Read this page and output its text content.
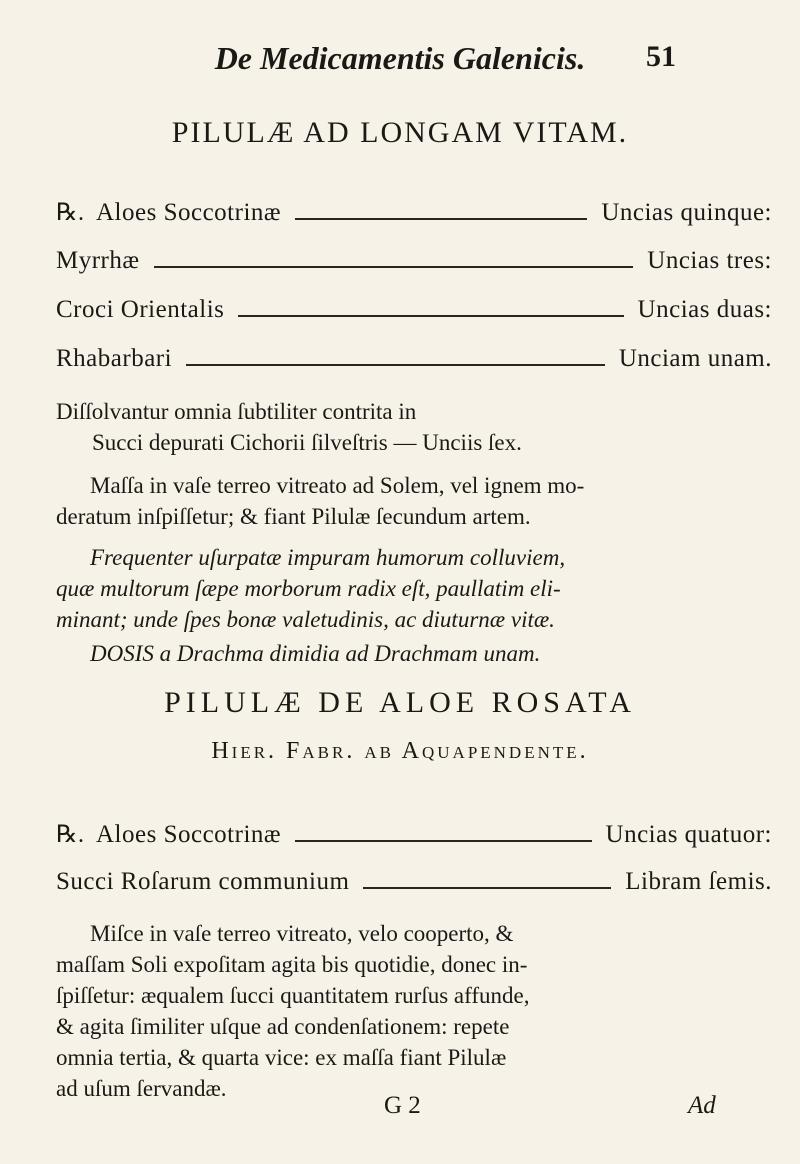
De Medicamentis Galenicis. 51
PILULÆ AD LONGAM VITAM.
℞. Aloes Soccotrinæ	Uncias quinque:
Myrrhæ	Uncias tres:
Croci Orientalis	Uncias duas:
Rhabarbari	Unciam unam.
Diſſolvantur omnia ſubtiliter contrita in
Succi depurati Cichorii ſilveſtris — Unciis ſex.
Maſſa in vaſe terreo vitreato ad Solem, vel ignem mo-
deratum inſpiſſetur; & fiant Pilulæ ſecundum artem.
Frequenter uſurpatæ impuram humorum colluviem,
quæ multorum ſæpe morborum radix eſt, paullatim eli-
minant; unde ſpes bonæ valetudinis, ac diuturnæ vitæ.
DOSIS a Drachma dimidia ad Drachmam unam.
PILULÆ DE ALOE ROSATA
Hier. Fabr. ab Aquapendente.
℞. Aloes Soccotrinæ	Uncias quatuor:
Succi Roſarum communium	Libram ſemis.
Miſce in vaſe terreo vitreato, velo cooperto, &
maſſam Soli expoſitam agita bis quotidie, donec in-
ſpiſſetur: æqualem ſucci quantitatem rurſus affunde,
& agita ſimiliter uſque ad condenſationem: repete
omnia tertia, & quarta vice: ex maſſa fiant Pilulæ
ad uſum ſervandæ.
G 2	Ad
